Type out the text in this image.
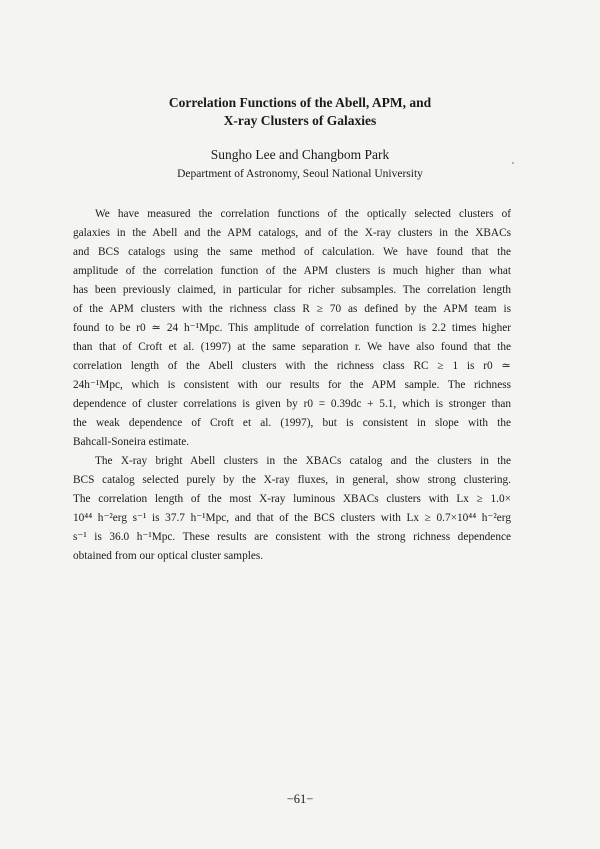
Correlation Functions of the Abell, APM, and
X-ray Clusters of Galaxies
Sungho Lee and Changbom Park
Department of Astronomy, Seoul National University
We have measured the correlation functions of the optically selected clusters of
galaxies in the Abell and the APM catalogs, and of the X-ray clusters in the XBACs
and BCS catalogs using the same method of calculation. We have found that the
amplitude of the correlation function of the APM clusters is much higher than what
has been previously claimed, in particular for richer subsamples. The correlation length
of the APM clusters with the richness class R ≥ 70 as defined by the APM team is
found to be r0 ≃ 24 h⁻¹Mpc. This amplitude of correlation function is 2.2 times higher
than that of Croft et al. (1997) at the same separation r. We have also found that the
correlation length of the Abell clusters with the richness class RC ≥ 1 is r0 ≃
24h⁻¹Mpc, which is consistent with our results for the APM sample. The richness
dependence of cluster correlations is given by r0 = 0.39dc + 5.1, which is stronger than
the weak dependence of Croft et al. (1997), but is consistent in slope with the
Bahcall-Soneira estimate.
The X-ray bright Abell clusters in the XBACs catalog and the clusters in the
BCS catalog selected purely by the X-ray fluxes, in general, show strong clustering.
The correlation length of the most X-ray luminous XBACs clusters with Lx ≥ 1.0×
10⁴⁴ h⁻²erg s⁻¹ is 37.7 h⁻¹Mpc, and that of the BCS clusters with Lx ≥ 0.7×10⁴⁴ h⁻²erg
s⁻¹ is 36.0 h⁻¹Mpc. These results are consistent with the strong richness dependence
obtained from our optical cluster samples.
−61−
